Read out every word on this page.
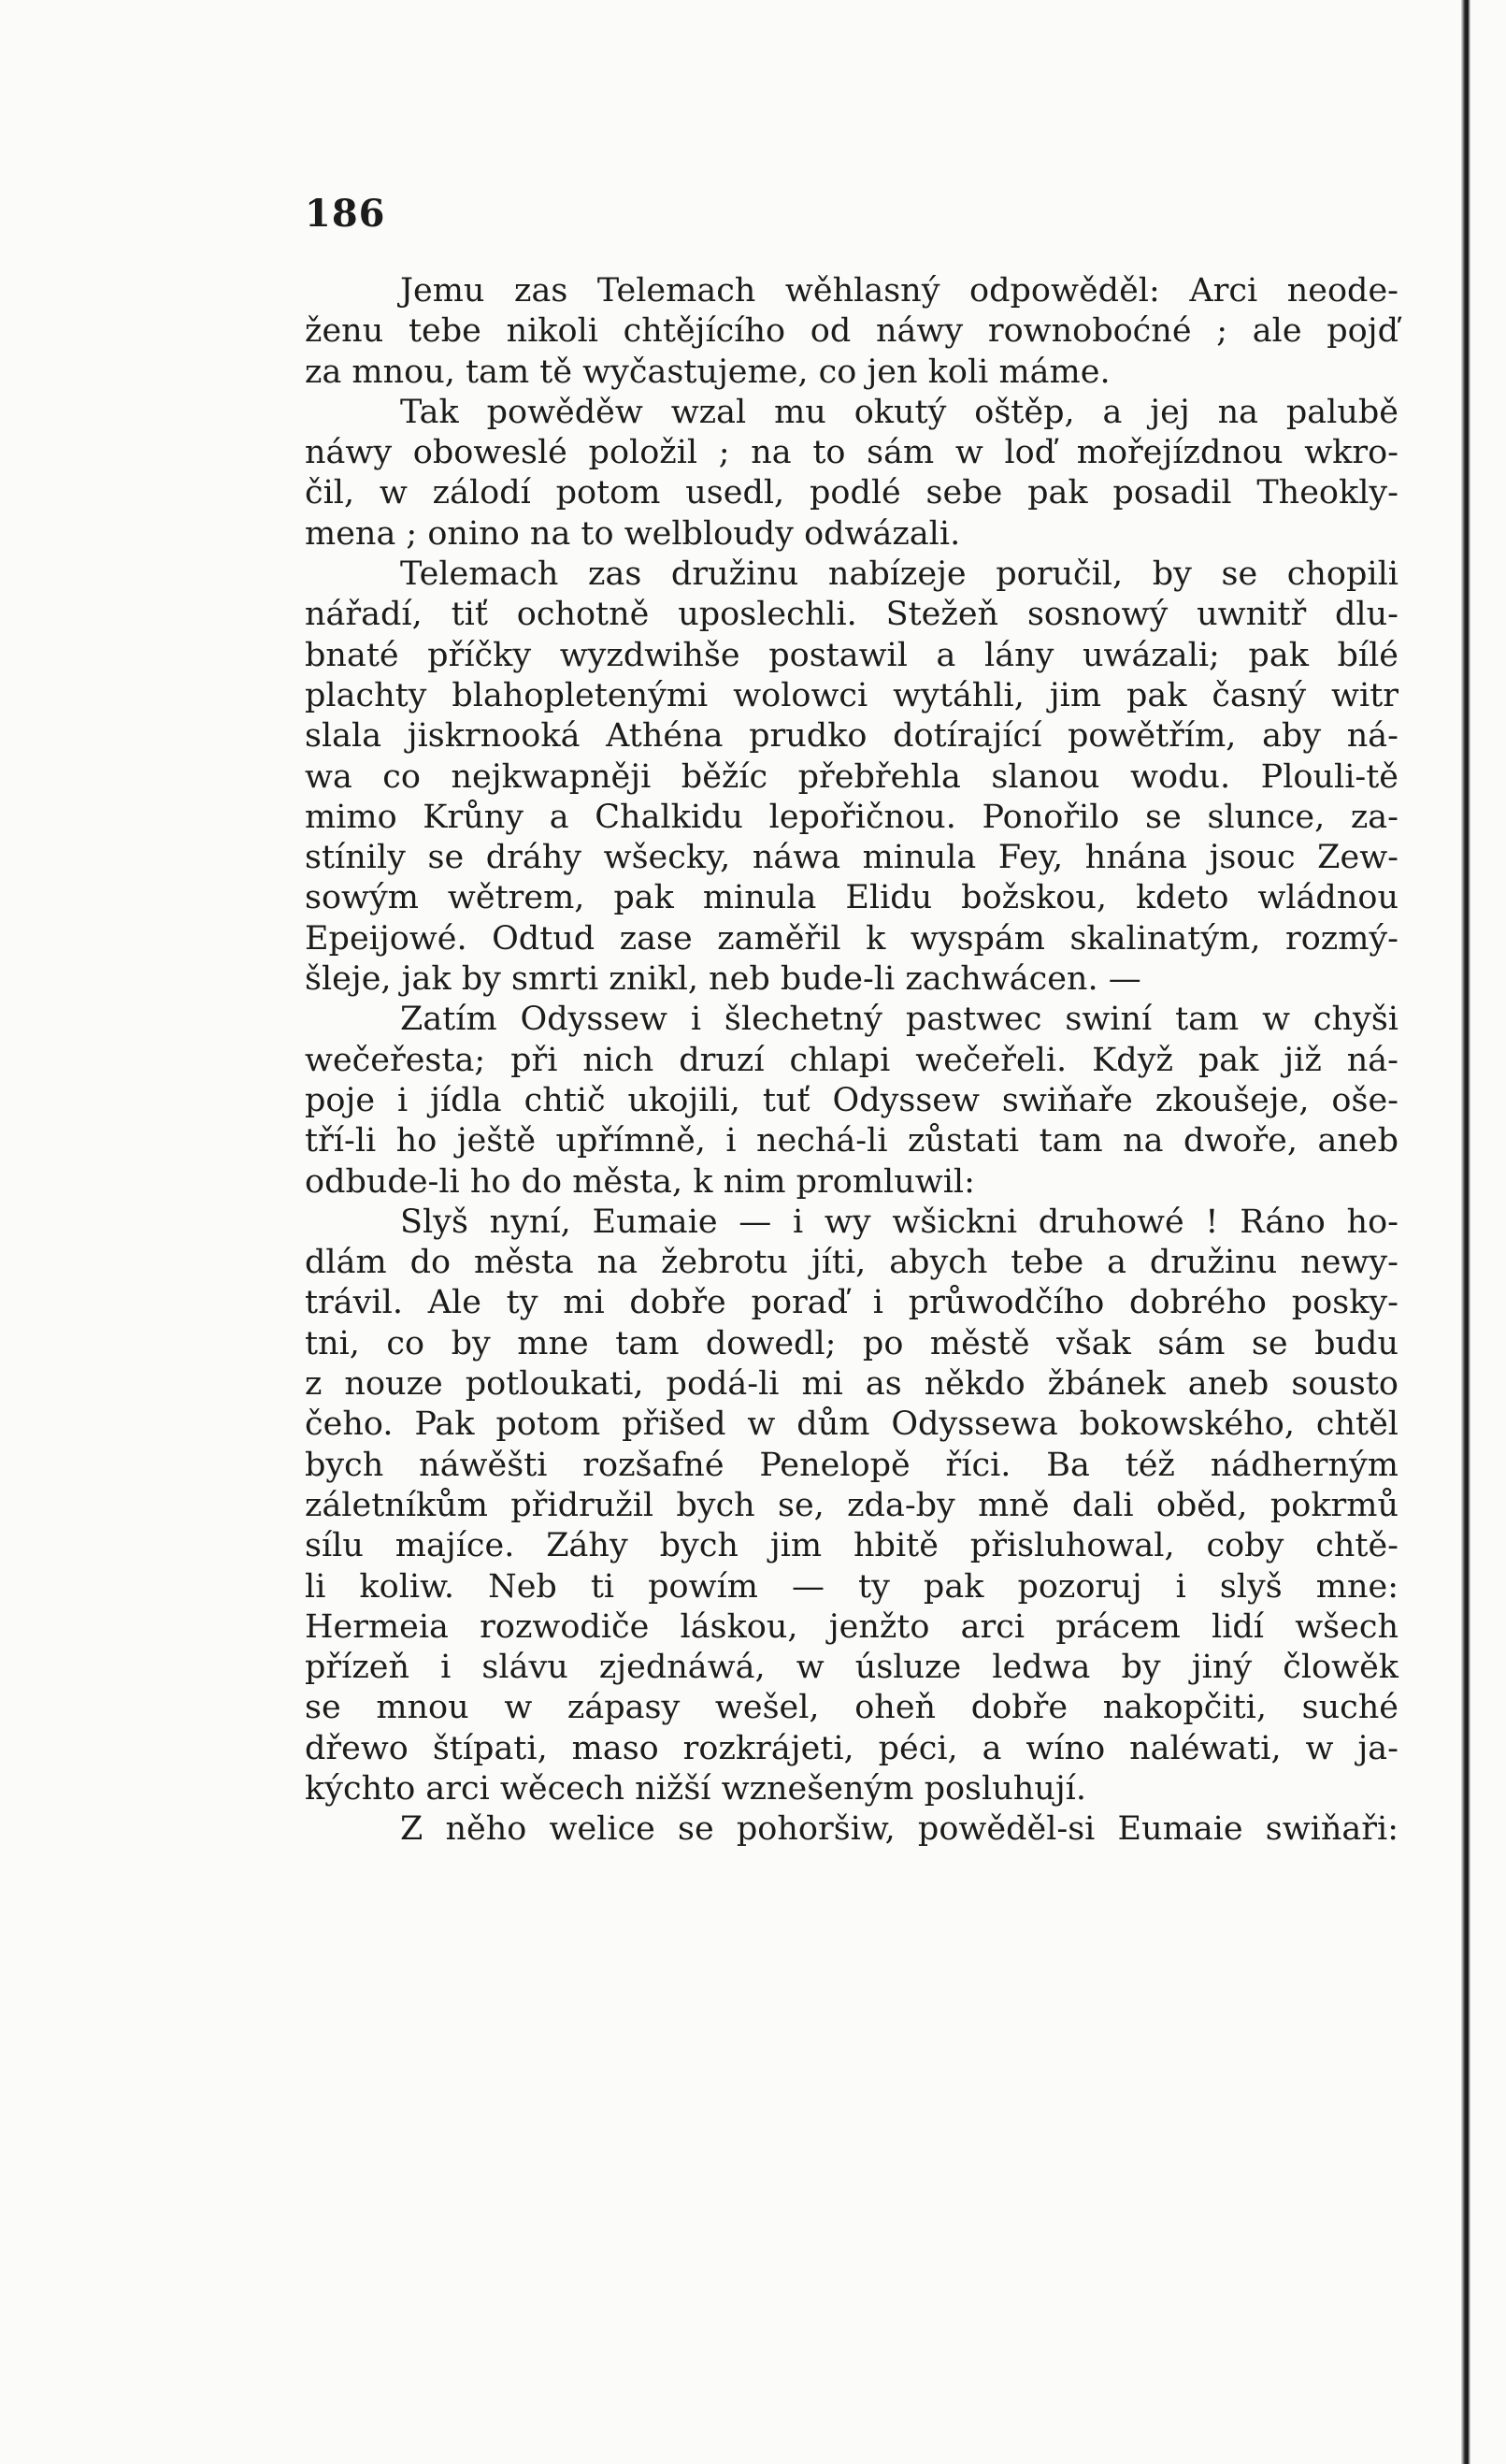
186
Jemu zas Telemach wěhlasný odpowěděl: Arci neode-
ženu tebe nikoli chtějícího od náwy rownoboćné ; ale pojď
za mnou, tam tě wyčastujeme, co jen koli máme.
Tak powěděw wzal mu okutý oštěp, a jej na palubě
náwy oboweslé položil ; na to sám w loď mořejízdnou wkro-
čil, w zálodí potom usedl, podlé sebe pak posadil Theokly-
mena ; onino na to welbloudy odwázali.
Telemach zas družinu nabízeje poručil, by se chopili
nářadí, tiť ochotně uposlechli. Stežeň sosnowý uwnitř dlu-
bnaté příčky wyzdwihše postawil a lány uwázali; pak bílé
plachty blahopletenými wolowci wytáhli, jim pak časný witr
slala jiskrnooká Athéna prudko dotírající powětřím, aby ná-
wa co nejkwapněji běžíc přebřehla slanou wodu. Plouli-tě
mimo Krůny a Chalkidu lepořičnou. Ponořilo se slunce, za-
stínily se dráhy wšecky, náwa minula Fey, hnána jsouc Zew-
sowým wětrem, pak minula Elidu božskou, kdeto wládnou
Epeijowé. Odtud zase zaměřil k wyspám skalinatým, rozmý-
šleje, jak by smrti znikl, neb bude-li zachwácen. —
Zatím Odyssew i šlechetný pastwec swiní tam w chyši
wečeřesta; při nich druzí chlapi wečeřeli. Když pak již ná-
poje i jídla chtič ukojili, tuť Odyssew swiňaře zkoušeje, oše-
tří-li ho ještě upřímně, i nechá-li zůstati tam na dwoře, aneb
odbude-li ho do města, k nim promluwil:
Slyš nyní, Eumaie — i wy wšickni druhowé ! Ráno ho-
dlám do města na žebrotu jíti, abych tebe a družinu newy-
trávil. Ale ty mi dobře poraď i průwodčího dobrého posky-
tni, co by mne tam dowedl; po městě však sám se budu
z nouze potloukati, podá-li mi as někdo žbánek aneb sousto
čeho. Pak potom přišed w dům Odyssewa bokowského, chtěl
bych náwěšti rozšafné Penelopě říci. Ba též nádherným
záletníkům přidružil bych se, zda-by mně dali oběd, pokrmů
sílu majíce. Záhy bych jim hbitě přisluhowal, coby chtě-
li koliw. Neb ti powím — ty pak pozoruj i slyš mne:
Hermeia rozwodiče láskou, jenžto arci prácem lidí wšech
přízeň i slávu zjednáwá, w úsluze ledwa by jiný člowěk
se mnou w zápasy wešel, oheň dobře nakopčiti, suché
dřewo štípati, maso rozkrájeti, péci, a wíno naléwati, w ja-
kýchto arci wěcech nižší wznešeným posluhují.
Z něho welice se pohoršiw, powěděl-si Eumaie swiňaři:
